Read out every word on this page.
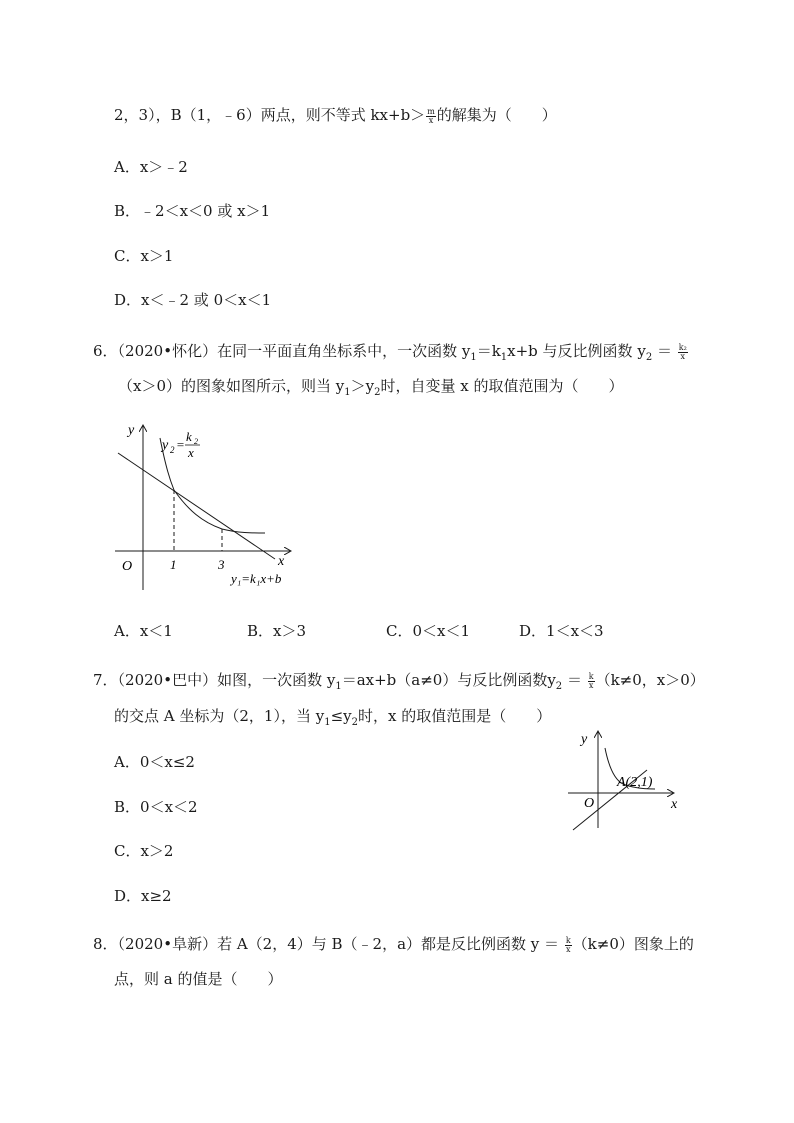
2，3），B（1，﹣6）两点，则不等式 $kx+b> \frac{m}{x}$ 的解集为（　　）
A．x＞﹣2
B．﹣2＜x＜0 或 x＞1
C．x＞1
D．x＜﹣2 或 0＜x＜1
6．（2020•怀化）在同一平面直角坐标系中，一次函数 $y_1=k_1x+b$ 与反比例函数 $y_2 = \frac{\text{k₂}}{x}$
（x＞0）的图象如图所示，则当 $y_1>y_2$时，自变量 x 的取值范围为（　　）
y
x
O	1	3
y 2 =
k 2
x
y₁=k₁x+b
A．x＜1	B．x＞3	C．0＜x＜1	D．1＜x＜3
7．（2020•巴中）如图，一次函数 $y_1=ax+b(a\ne 0)$与反比例函数$y_2 = \frac{k}{x} (k\ne 0$，x＞0）
的交点 A 坐标为（2，1），当 $y_1\le y_2$时，x 的取值范围是（　　）
A．0＜x≤2
B．0＜x＜2
C．x＞2
D．x≥2
y
x
O
A(2,1)
8．（2020•阜新）若 A（2，4）与 B（﹣2，a）都是反比例函数 $y = \frac{k}{x} (k\ne 0)$图象上的
点，则 a 的值是（　　）
